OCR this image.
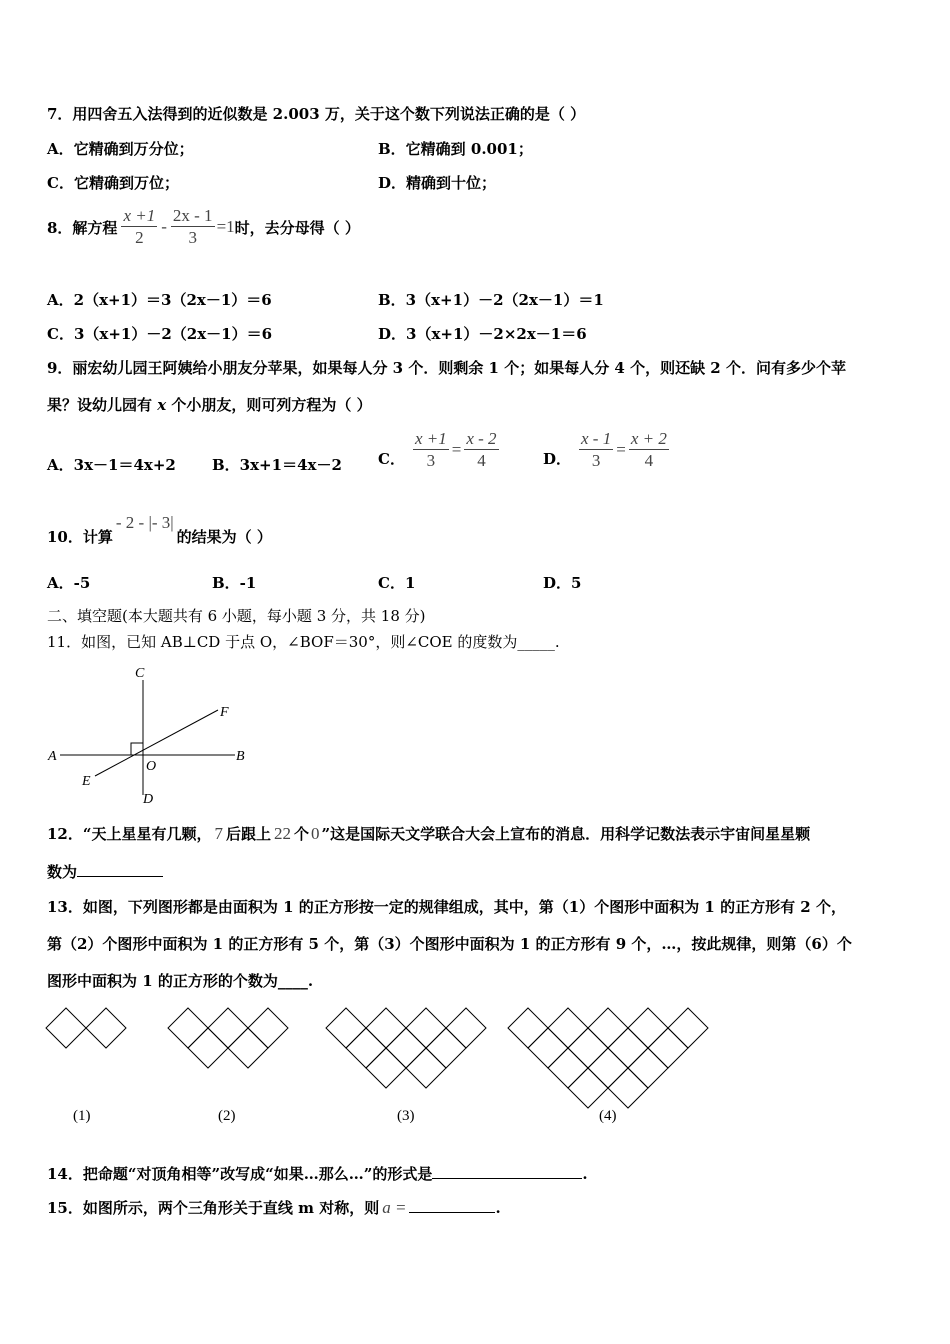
7．用四舍五入法得到的近似数是 2.003 万，关于这个数下列说法正确的是（ ）
A．它精确到万分位；	B．它精确到 0.001；
C．它精确到万位；	D．精确到十位；
8．解方程 $\frac{x +1}{2} - \frac{2x - 1}{3} =1$ 时，去分母得（ ）
A．2（x+1）＝3（2x－1）＝6	B．3（x+1）－2（2x－1）＝1
C．3（x+1）－2（2x－1）＝6	D．3（x+1）－2×2x－1＝6
9．丽宏幼儿园王阿姨给小朋友分苹果，如果每人分 3 个．则剩余 1 个；如果每人分 4 个，则还缺 2 个．问有多少个苹
果？设幼儿园有 x 个小朋友，则可列方程为（ ）
A．3x－1＝4x+2 B．3x+1＝4x－2 C． $\frac{x +1}{3} = \frac{x - 2}{4}$	D． $\frac{x - 1}{3} = \frac{x + 2}{4}$
10．计算- 2 - |- 3|的结果为（ ）
A．-5	B．-1	C．1	D．5
二、填空题(本大题共有 6 小题，每小题 3 分，共 18 分)
11．如图，已知 AB⊥CD 于点 O，∠BOF＝30°，则∠COE 的度数为_____.
A	B
C
D
E
F
O
12．“天上星星有几颗， 7 后跟上 22 个 0 ”这是国际天文学联合大会上宣布的消息．用科学记数法表示宇宙间星星颗
数为
13．如图，下列图形都是由面积为 1 的正方形按一定的规律组成，其中，第（1）个图形中面积为 1 的正方形有 2 个，
第（2）个图形中面积为 1 的正方形有 5 个，第（3）个图形中面积为 1 的正方形有 9 个，…，按此规律，则第（6）个
图形中面积为 1 的正方形的个数为____.
(1)	(2)	(3)	(4)
14．把命题“对顶角相等”改写成“如果…那么…”的形式是	.
15．如图所示，两个三角形关于直线 m 对称，则 a =	.
